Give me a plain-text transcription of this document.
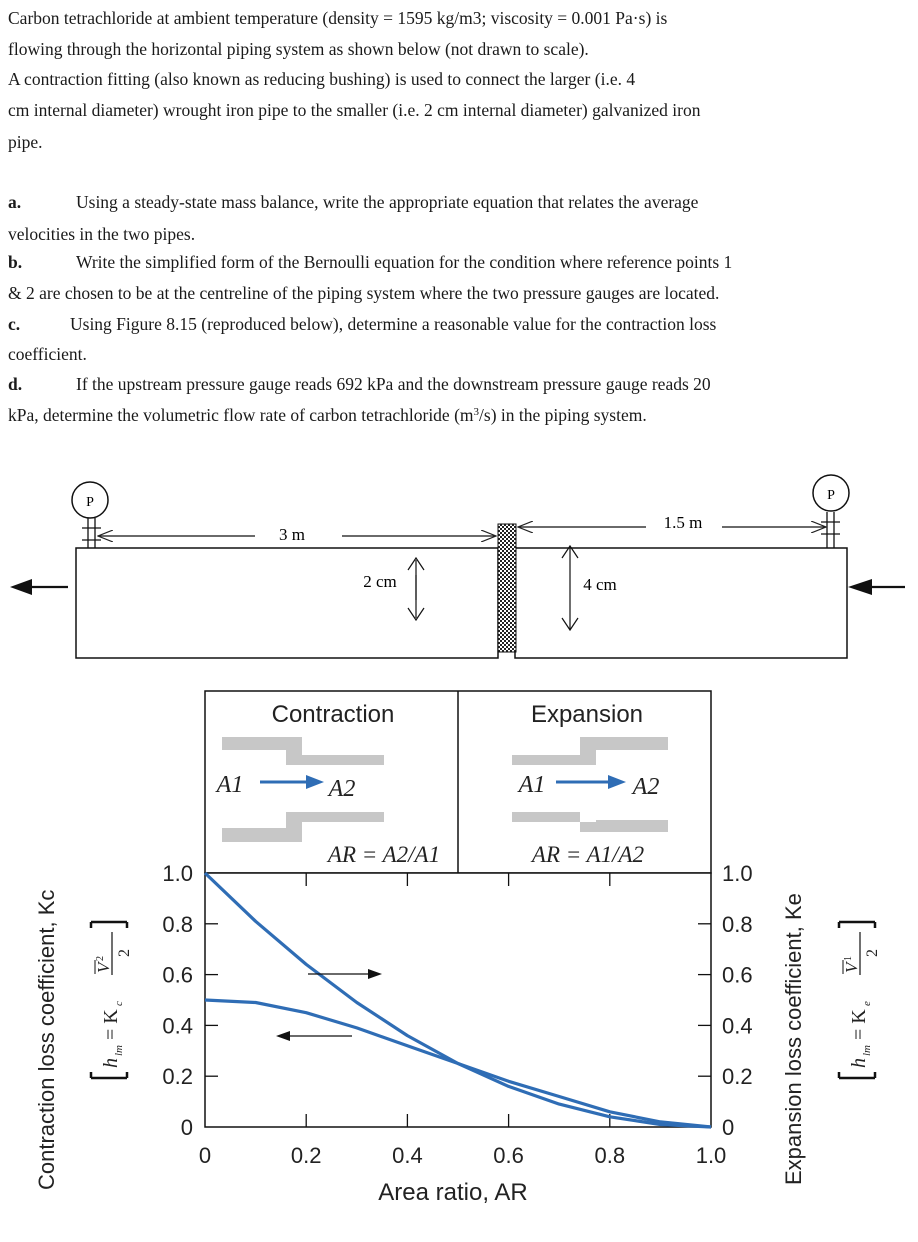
Carbon tetrachloride at ambient temperature (density = 1595 kg/m3; viscosity = 0.001 Pa·s) is
flowing through the horizontal piping system as shown below (not drawn to scale).
A contraction fitting (also known as reducing bushing) is used to connect the larger (i.e. 4
cm internal diameter) wrought iron pipe to the smaller (i.e. 2 cm internal diameter) galvanized iron
pipe.
a.	Using a steady-state mass balance, write the appropriate equation that relates the average
velocities in the two pipes.
b.	Write the simplified form of the Bernoulli equation for the condition where reference points 1
& 2 are chosen to be at the centreline of the piping system where the two pressure gauges are located.
c.	Using Figure 8.15 (reproduced below), determine a reasonable value for the contraction loss
coefficient.
d.	If the upstream pressure gauge reads 692 kPa and the downstream pressure gauge reads 20
kPa, determine the volumetric flow rate of carbon tetrachloride $(m^3/s)$ in the piping system.
P	P
3 m
1.5 m
2 cm	4 cm
Contraction
A1	A2
AR = A2/A1
Expansion
A1	A2
AR = A1/A2
0	0.2	0.4	0.6	0.8	1.0
0	0
0.2	0.2
0.4	0.4
0.6	0.6
0.8	0.8
1.0	1.0
Area ratio, AR
Contraction loss coefficient, Kc h
lm
= K
c
V
2
2	Expansion loss coefficient, Ke h
lm
= K
e
V
1
2
